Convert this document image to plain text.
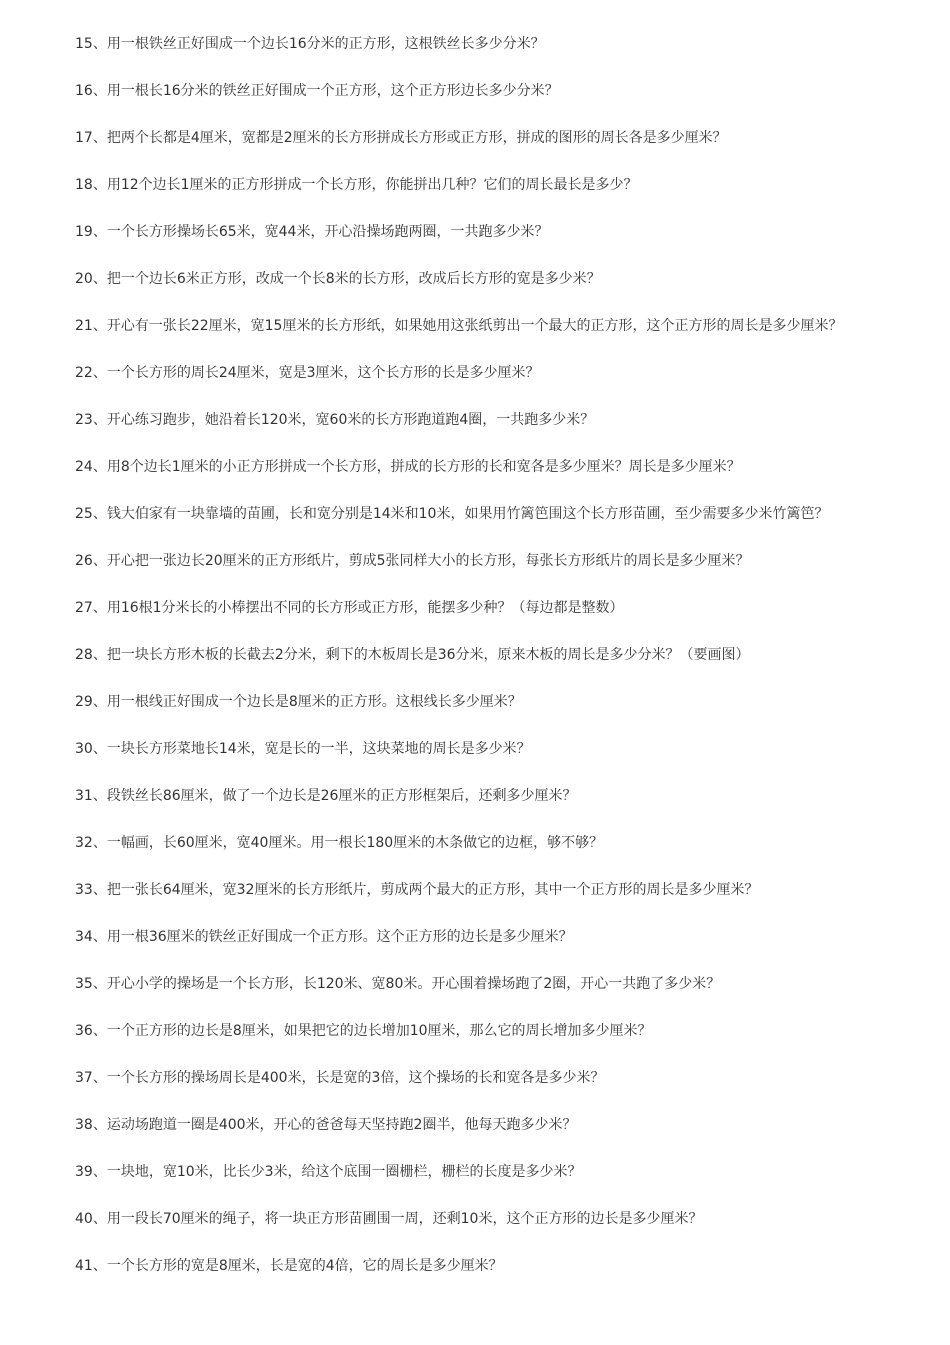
15、用一根铁丝正好围成一个边长16分米的正方形，这根铁丝长多少分米？
16、用一根长16分米的铁丝正好围成一个正方形，这个正方形边长多少分米？
17、把两个长都是4厘米，宽都是2厘米的长方形拼成长方形或正方形，拼成的图形的周长各是多少厘米？
18、用12个边长1厘米的正方形拼成一个长方形，你能拼出几种？它们的周长最长是多少？
19、一个长方形操场长65米，宽44米，开心沿操场跑两圈，一共跑多少米？
20、把一个边长6米正方形，改成一个长8米的长方形，改成后长方形的宽是多少米？
21、开心有一张长22厘米，宽15厘米的长方形纸，如果她用这张纸剪出一个最大的正方形，这个正方形的周长是多少厘米？
22、一个长方形的周长24厘米，宽是3厘米，这个长方形的长是多少厘米？
23、开心练习跑步，她沿着长120米，宽60米的长方形跑道跑4圈，一共跑多少米？
24、用8个边长1厘米的小正方形拼成一个长方形，拼成的长方形的长和宽各是多少厘米？周长是多少厘米？
25、钱大伯家有一块靠墙的苗圃，长和宽分别是14米和10米，如果用竹篱笆围这个长方形苗圃，至少需要多少米竹篱笆？
26、开心把一张边长20厘米的正方形纸片，剪成5张同样大小的长方形，每张长方形纸片的周长是多少厘米？
27、用16根1分米长的小棒摆出不同的长方形或正方形，能摆多少种？（每边都是整数）
28、把一块长方形木板的长截去2分米，剩下的木板周长是36分米，原来木板的周长是多少分米？（要画图）
29、用一根线正好围成一个边长是8厘米的正方形。这根线长多少厘米？
30、一块长方形菜地长14米，宽是长的一半，这块菜地的周长是多少米？
31、段铁丝长86厘米，做了一个边长是26厘米的正方形框架后，还剩多少厘米？
32、一幅画，长60厘米，宽40厘米。用一根长180厘米的木条做它的边框，够不够？
33、把一张长64厘米，宽32厘米的长方形纸片，剪成两个最大的正方形，其中一个正方形的周长是多少厘米？
34、用一根36厘米的铁丝正好围成一个正方形。这个正方形的边长是多少厘米？
35、开心小学的操场是一个长方形，长120米、宽80米。开心围着操场跑了2圈，开心一共跑了多少米？
36、一个正方形的边长是8厘米，如果把它的边长增加10厘米，那么它的周长增加多少厘米？
37、一个长方形的操场周长是400米，长是宽的3倍，这个操场的长和宽各是多少米？
38、运动场跑道一圈是400米，开心的爸爸每天坚持跑2圈半，他每天跑多少米？
39、一块地，宽10米，比长少3米，给这个底围一圈栅栏，栅栏的长度是多少米？
40、用一段长70厘米的绳子，将一块正方形苗圃围一周，还剩10米，这个正方形的边长是多少厘米？
41、一个长方形的宽是8厘米，长是宽的4倍，它的周长是多少厘米？
